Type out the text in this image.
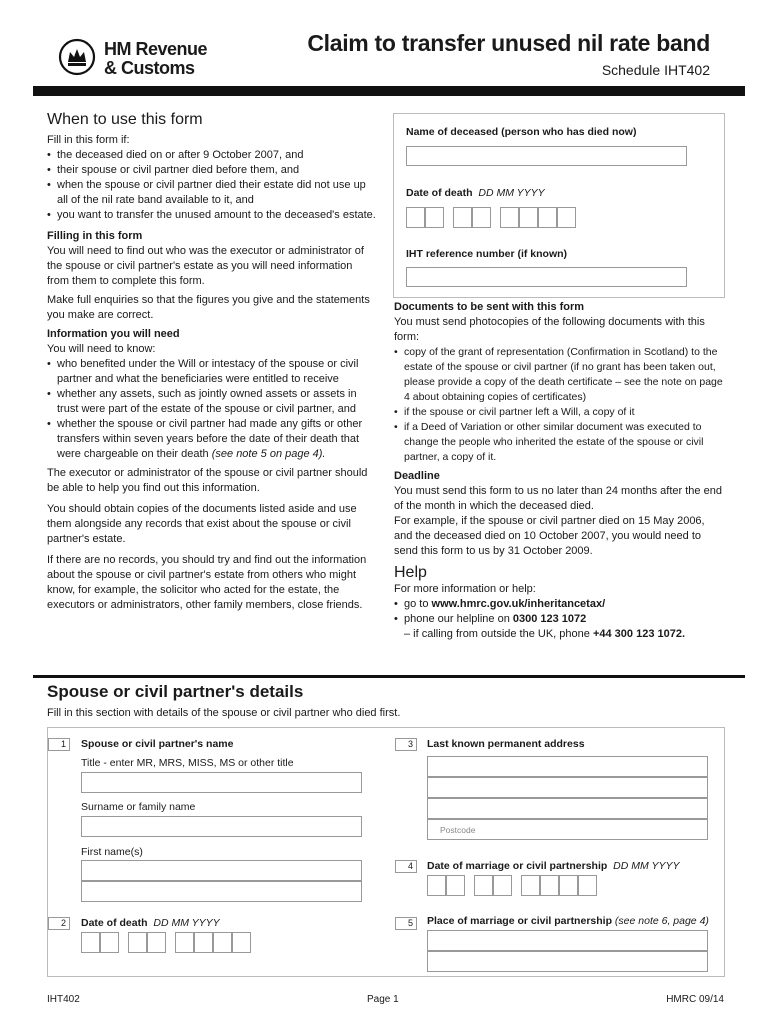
HM Revenue
& Customs
Claim to transfer unused nil rate band
Schedule IHT402
When to use this form
Fill in this form if:
• the deceased died on or after 9 October 2007, and
• their spouse or civil partner died before them, and
• when the spouse or civil partner died their estate did not use up all of the nil rate band available to it, and
• you want to transfer the unused amount to the deceased's estate.
Filling in this form
You will need to find out who was the executor or administrator of the spouse or civil partner's estate as you will need information from them to complete this form.
Make full enquiries so that the figures you give and the statements you make are correct.
Information you will need
You will need to know:
• who benefited under the Will or intestacy of the spouse or civil partner and what the beneficiaries were entitled to receive
• whether any assets, such as jointly owned assets or assets in trust were part of the estate of the spouse or civil partner, and
• whether the spouse or civil partner had made any gifts or other transfers within seven years before the date of their death that were chargeable on their death (see note 5 on page 4).
The executor or administrator of the spouse or civil partner should be able to help you find out this information.
You should obtain copies of the documents listed aside and use them alongside any records that exist about the spouse or civil partner's estate.
If there are no records, you should try and find out the information about the spouse or civil partner's estate from others who might know, for example, the solicitor who acted for the estate, the executors or administrators, other family members, close friends.
Name of deceased (person who has died now)
Date of death DD MM YYYY
IHT reference number (if known)
Documents to be sent with this form
You must send photocopies of the following documents with this form:
• copy of the grant of representation (Confirmation in Scotland) to the estate of the spouse or civil partner (if no grant has been taken out, please provide a copy of the death certificate – see the note on page 4 about obtaining copies of certificates)
• if the spouse or civil partner left a Will, a copy of it
• if a Deed of Variation or other similar document was executed to change the people who inherited the estate of the spouse or civil partner, a copy of it.
Deadline
You must send this form to us no later than 24 months after the end of the month in which the deceased died.
For example, if the spouse or civil partner died on 15 May 2006, and the deceased died on 10 October 2007, you would need to send this form to us by 31 October 2009.
Help
For more information or help:
• go to www.hmrc.gov.uk/inheritancetax/
• phone our helpline on 0300 123 1072
– if calling from outside the UK, phone +44 300 123 1072.
Spouse or civil partner's details
Fill in this section with details of the spouse or civil partner who died first.
1	Spouse or civil partner's name
Title - enter MR, MRS, MISS, MS or other title
Surname or family name
First name(s)
2	Date of death DD MM YYYY
3	Last known permanent address
Postcode
4	Date of marriage or civil partnership DD MM YYYY
5	Place of marriage or civil partnership (see note 6, page 4)
IHT402	Page 1	HMRC 09/14
